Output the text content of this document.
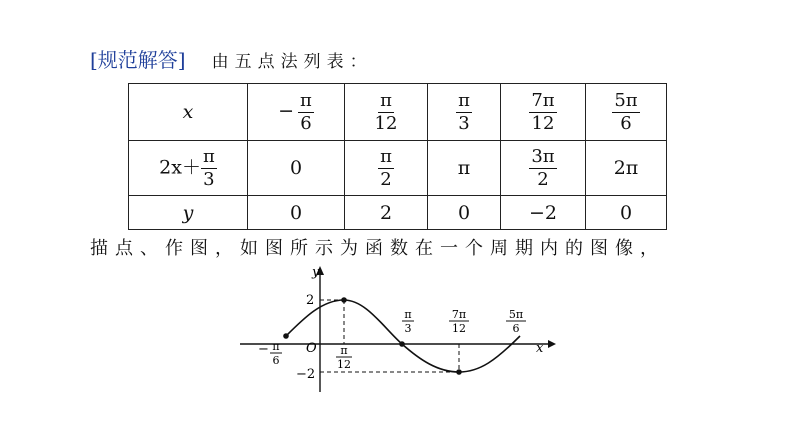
[规范解答] 由五点法列表：
x	− $\frac{\pi}{6}$	$\frac{\pi}{12}$	$\frac{\pi}{3}$	$\frac{7\pi}{12}$	$\frac{5\pi}{6}$

$2x+ \frac{\pi}{3}$	0	$\frac{\pi}{2}$	π	$\frac{3\pi}{2}$	2π
y	0	2	0	−2	0
描点、作图，如图所示为函数在一个周期内的图像，
y
x
O
2
−2
− π
6
π
12
π
3
7π
12
5π
6
